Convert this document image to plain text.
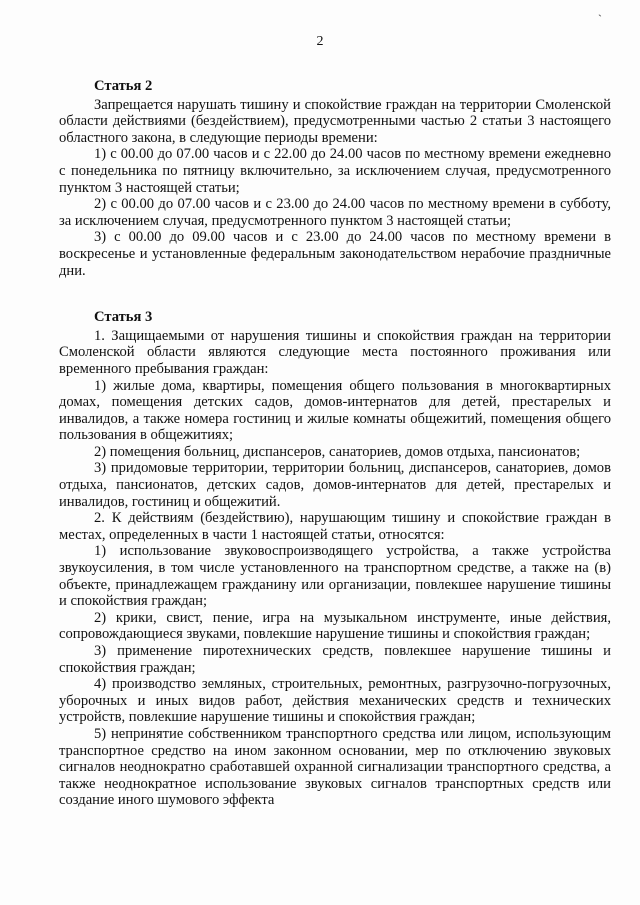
`
2
Статья 2

Запрещается нарушать тишину и спокойствие граждан на территории Смоленской области действиями (бездействием), предусмотренными частью 2 статьи 3 настоящего областного закона, в следующие периоды времени:

1) с 00.00 до 07.00 часов и с 22.00 до 24.00 часов по местному времени ежедневно с понедельника по пятницу включительно, за исключением случая, предусмотренного пунктом 3 настоящей статьи;

2) с 00.00 до 07.00 часов и с 23.00 до 24.00 часов по местному времени в субботу, за исключением случая, предусмотренного пунктом 3 настоящей статьи;

3) с 00.00 до 09.00 часов и с 23.00 до 24.00 часов по местному времени в воскресенье и установленные федеральным законодательством нерабочие праздничные дни.

Статья 3

1. Защищаемыми от нарушения тишины и спокойствия граждан на территории Смоленской области являются следующие места постоянного проживания или временного пребывания граждан:

1) жилые дома, квартиры, помещения общего пользования в многоквартирных домах, помещения детских садов, домов-интернатов для детей, престарелых и инвалидов, а также номера гостиниц и жилые комнаты общежитий, помещения общего пользования в общежитиях;

2) помещения больниц, диспансеров, санаториев, домов отдыха, пансионатов;

3) придомовые территории, территории больниц, диспансеров, санаториев, домов отдыха, пансионатов, детских садов, домов-интернатов для детей, престарелых и инвалидов, гостиниц и общежитий.

2. К действиям (бездействию), нарушающим тишину и спокойствие граждан в местах, определенных в части 1 настоящей статьи, относятся:

1) использование звуковоспроизводящего устройства, а также устройства звукоусиления, в том числе установленного на транспортном средстве, а также на (в) объекте, принадлежащем гражданину или организации, повлекшее нарушение тишины и спокойствия граждан;

2) крики, свист, пение, игра на музыкальном инструменте, иные действия, сопровождающиеся звуками, повлекшие нарушение тишины и спокойствия граждан;

3) применение пиротехнических средств, повлекшее нарушение тишины и спокойствия граждан;

4) производство земляных, строительных, ремонтных, разгрузочно-погрузочных, уборочных и иных видов работ, действия механических средств и технических устройств, повлекшие нарушение тишины и спокойствия граждан;

5) непринятие собственником транспортного средства или лицом, использующим транспортное средство на ином законном основании, мер по отключению звуковых сигналов неоднократно сработавшей охранной сигнализации транспортного средства, а также неоднократное использование звуковых сигналов транспортных средств или создание иного шумового эффекта
